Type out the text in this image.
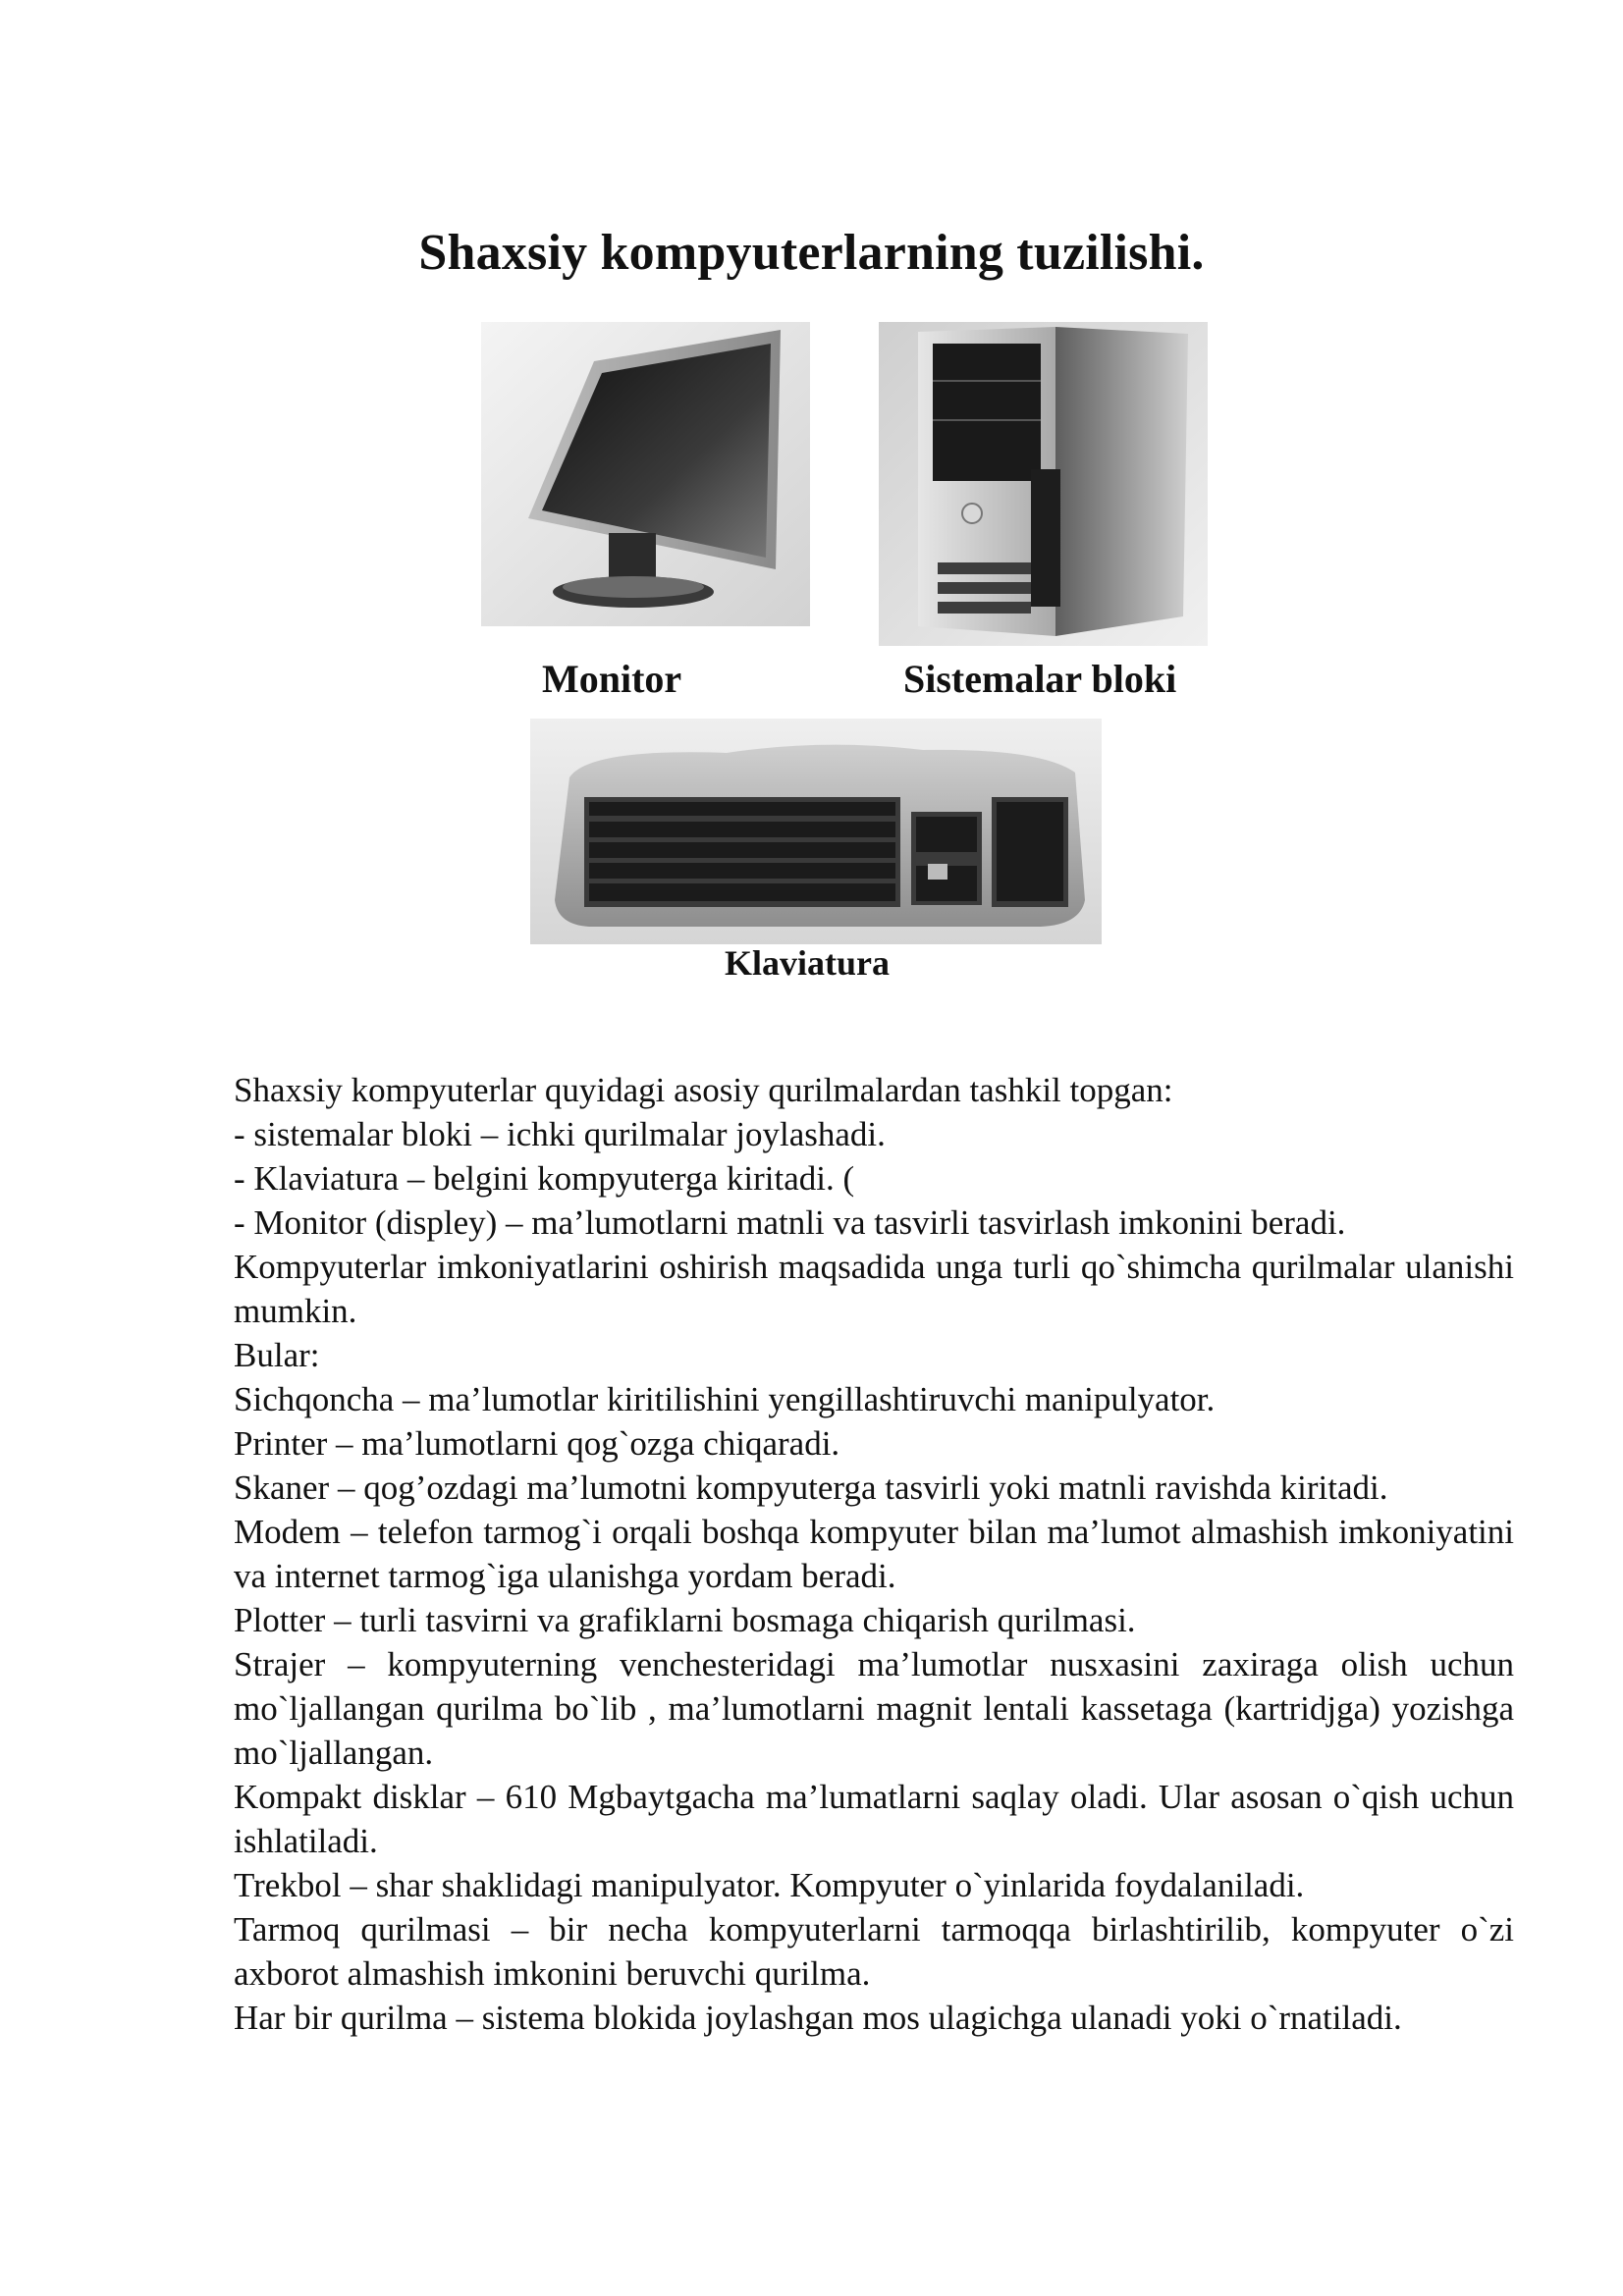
Shaxsiy kompyuterlarning tuzilishi.
Monitor	Sistemalar bloki
Klaviatura

Shaxsiy kompyuterlar quyidagi asosiy qurilmalardan tashkil topgan:

- sistemalar bloki – ichki qurilmalar joylashadi.

- Klaviatura – belgini kompyuterga kiritadi. (

- Monitor (displey) – ma’lumotlarni matnli va tasvirli tasvirlash imkonini beradi.

Kompyuterlar imkoniyatlarini oshirish maqsadida unga turli qo`shimcha qurilmalar ulanishi mumkin.

Bular:

Sichqoncha – ma’lumotlar kiritilishini yengillashtiruvchi manipulyator.

Printer – ma’lumotlarni qog`ozga chiqaradi.

Skaner – qog’ozdagi ma’lumotni kompyuterga tasvirli yoki matnli ravishda kiritadi.

Modem – telefon tarmog`i orqali boshqa kompyuter bilan ma’lumot almashish imkoniyatini va internet tarmog`iga ulanishga yordam beradi.

Plotter – turli tasvirni va grafiklarni bosmaga chiqarish qurilmasi.

Strajer – kompyuterning venchesteridagi ma’lumotlar nusxasini zaxiraga olish uchun mo`ljallangan qurilma bo`lib , ma’lumotlarni magnit lentali kassetaga (kartridjga) yozishga mo`ljallangan.

Kompakt disklar – 610 Mgbaytgacha ma’lumatlarni saqlay oladi. Ular asosan o`qish uchun ishlatiladi.

Trekbol – shar shaklidagi manipulyator. Kompyuter o`yinlarida foydalaniladi.

Tarmoq qurilmasi – bir necha kompyuterlarni tarmoqqa birlashtirilib, kompyuter o`zi axborot almashish imkonini beruvchi qurilma.

Har bir qurilma – sistema blokida joylashgan mos ulagichga ulanadi yoki o`rnatiladi.
